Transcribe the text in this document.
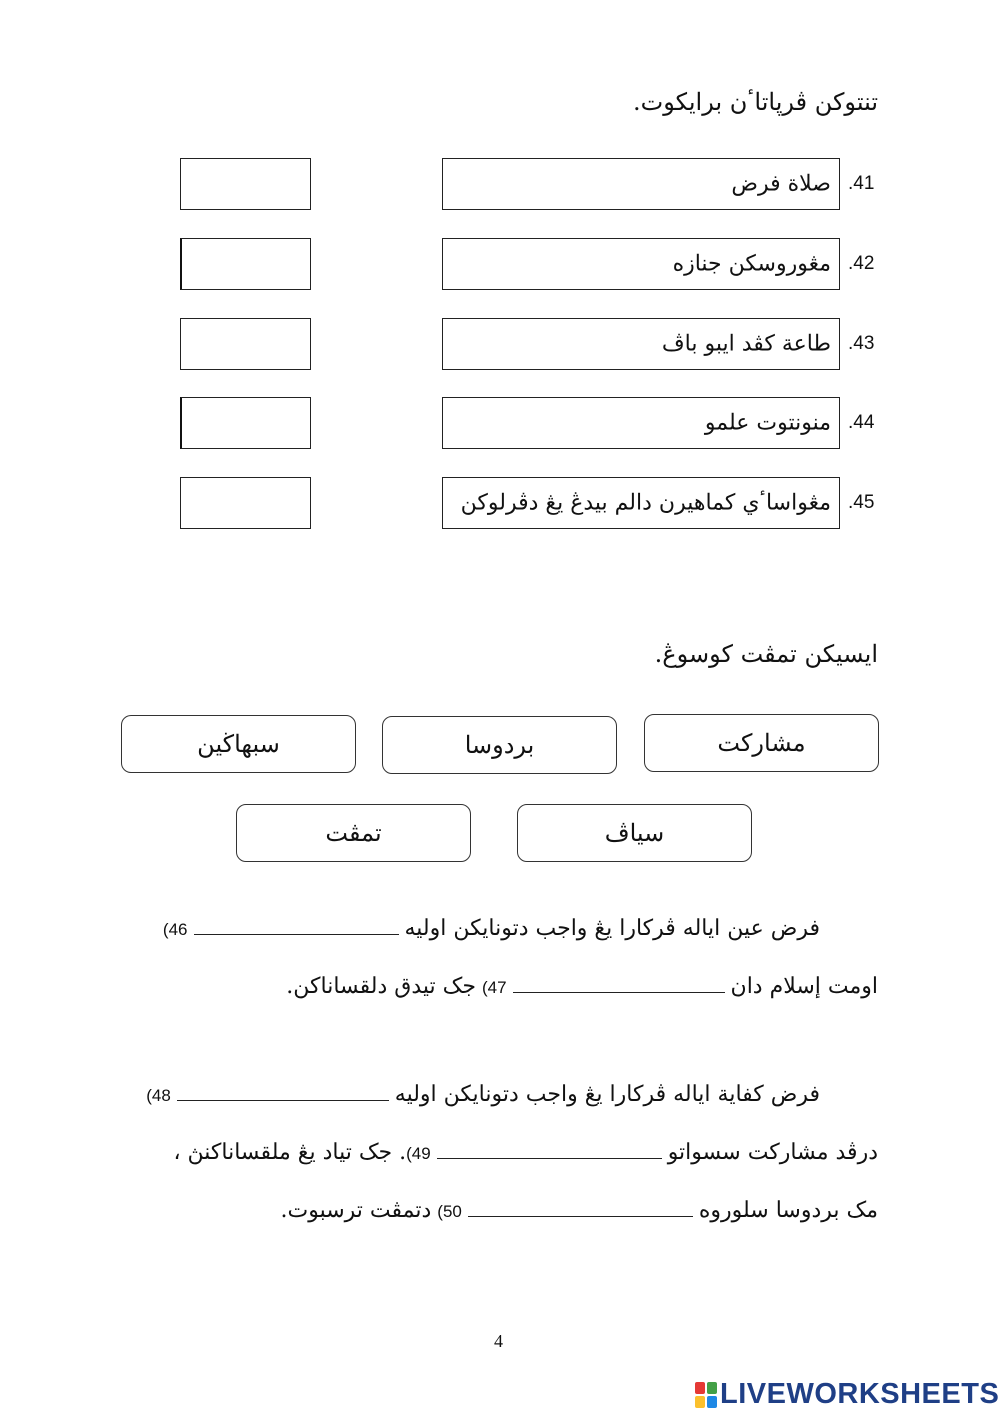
تنتوکن ڤرڽاتاٴن برايکوت.
صلاة فرض .41
مڠوروسکن جنازه .42
طاعة کڤد ايبو باڤ .43
منونتوت علمو .44
مڠواساٴي کماهيرن دالم بيدڠ يڠ دڤرلوکن .45
ايسيکن تمڤت کوسوڠ.
مشارکت
بردوسا
سبهاڬين
سياڤ
تمڤت
فرض عين اياله ڤرکارا يڠ واجب دتونايکن اوليه
(46
اومت إسلام دان
(47
جک تيدق دلقساناکن.
فرض کفاية اياله ڤرکارا يڠ واجب دتونايکن اوليه
(48
درڤد مشارکت سسواتو
(49
. جک تياد يڠ ملقساناکنڽ ،
مک بردوسا سلوروه
(50
دتمڤت ترسبوت.
4
LIVEWORKSHEETS
